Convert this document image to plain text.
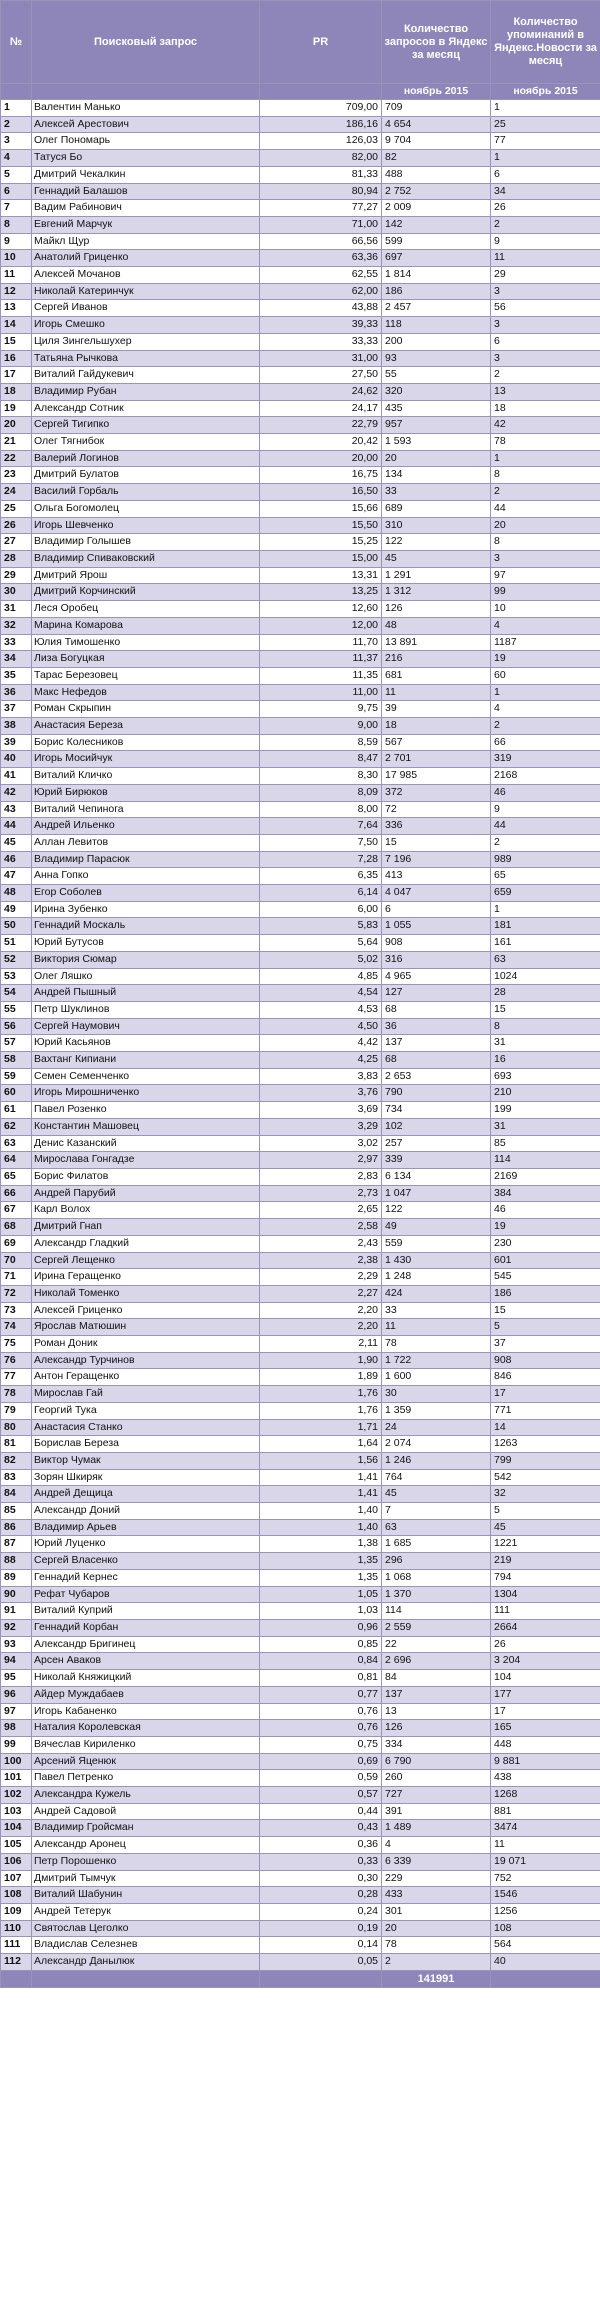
№	Поисковый запрос	PR	Количество запросов в Яндекс за месяц	Количество упоминаний в Яндекс.Новости за месяц
			ноябрь 2015	ноябрь 2015
1	Валентин Манько	709,00	709	1
2	Алексей Арестович	186,16	4 654	25
3	Олег Пономарь	126,03	9 704	77
4	Татуся Бо	82,00	82	1
5	Дмитрий Чекалкин	81,33	488	6
6	Геннадий Балашов	80,94	2 752	34
7	Вадим Рабинович	77,27	2 009	26
8	Евгений Марчук	71,00	142	2
9	Майкл Щур	66,56	599	9
10	Анатолий Гриценко	63,36	697	11
11	Алексей Мочанов	62,55	1 814	29
12	Николай Катеринчук	62,00	186	3
13	Сергей Иванов	43,88	2 457	56
14	Игорь Смешко	39,33	118	3
15	Циля Зингельшухер	33,33	200	6
16	Татьяна Рычкова	31,00	93	3
17	Виталий Гайдукевич	27,50	55	2
18	Владимир Рубан	24,62	320	13
19	Александр Сотник	24,17	435	18
20	Сергей Тигипко	22,79	957	42
21	Олег Тягнибок	20,42	1 593	78
22	Валерий Логинов	20,00	20	1
23	Дмитрий Булатов	16,75	134	8
24	Василий Горбаль	16,50	33	2
25	Ольга Богомолец	15,66	689	44
26	Игорь Шевченко	15,50	310	20
27	Владимир Голышев	15,25	122	8
28	Владимир Спиваковский	15,00	45	3
29	Дмитрий Ярош	13,31	1 291	97
30	Дмитрий Корчинский	13,25	1 312	99
31	Леся Оробец	12,60	126	10
32	Марина Комарова	12,00	48	4
33	Юлия Тимошенко	11,70	13 891	1187
34	Лиза Богуцкая	11,37	216	19
35	Тарас Березовец	11,35	681	60
36	Макс Нефедов	11,00	11	1
37	Роман Скрыпин	9,75	39	4
38	Анастасия Береза	9,00	18	2
39	Борис Колесников	8,59	567	66
40	Игорь Мосийчук	8,47	2 701	319
41	Виталий Кличко	8,30	17 985	2168
42	Юрий Бирюков	8,09	372	46
43	Виталий Чепинога	8,00	72	9
44	Андрей Ильенко	7,64	336	44
45	Аллан Левитов	7,50	15	2
46	Владимир Парасюк	7,28	7 196	989
47	Анна Гопко	6,35	413	65
48	Егор Соболев	6,14	4 047	659
49	Ирина Зубенко	6,00	6	1
50	Геннадий Москаль	5,83	1 055	181
51	Юрий Бутусов	5,64	908	161
52	Виктория Сюмар	5,02	316	63
53	Олег Ляшко	4,85	4 965	1024
54	Андрей Пышный	4,54	127	28
55	Петр Шуклинов	4,53	68	15
56	Сергей Наумович	4,50	36	8
57	Юрий Касьянов	4,42	137	31
58	Вахтанг Кипиани	4,25	68	16
59	Семен Семенченко	3,83	2 653	693
60	Игорь Мирошниченко	3,76	790	210
61	Павел Розенко	3,69	734	199
62	Константин Машовец	3,29	102	31
63	Денис Казанский	3,02	257	85
64	Мирослава Гонгадзе	2,97	339	114
65	Борис Филатов	2,83	6 134	2169
66	Андрей Парубий	2,73	1 047	384
67	Карл Волох	2,65	122	46
68	Дмитрий Гнап	2,58	49	19
69	Александр Гладкий	2,43	559	230
70	Сергей Лещенко	2,38	1 430	601
71	Ирина Геращенко	2,29	1 248	545
72	Николай Томенко	2,27	424	186
73	Алексей Гриценко	2,20	33	15
74	Ярослав Матюшин	2,20	11	5
75	Роман Доник	2,11	78	37
76	Александр Турчинов	1,90	1 722	908
77	Антон Геращенко	1,89	1 600	846
78	Мирослав Гай	1,76	30	17
79	Георгий Тука	1,76	1 359	771
80	Анастасия Станко	1,71	24	14
81	Борислав Береза	1,64	2 074	1263
82	Виктор Чумак	1,56	1 246	799
83	Зорян Шкиряк	1,41	764	542
84	Андрей Дещица	1,41	45	32
85	Александр Доний	1,40	7	5
86	Владимир Арьев	1,40	63	45
87	Юрий Луценко	1,38	1 685	1221
88	Сергей Власенко	1,35	296	219
89	Геннадий Кернес	1,35	1 068	794
90	Рефат Чубаров	1,05	1 370	1304
91	Виталий Куприй	1,03	114	111
92	Геннадий Корбан	0,96	2 559	2664
93	Александр Бригинец	0,85	22	26
94	Арсен Аваков	0,84	2 696	3 204
95	Николай Княжицкий	0,81	84	104
96	Айдер Муждабаев	0,77	137	177
97	Игорь Кабаненко	0,76	13	17
98	Наталия Королевская	0,76	126	165
99	Вячеслав Кириленко	0,75	334	448
100	Арсений Яценюк	0,69	6 790	9 881
101	Павел Петренко	0,59	260	438
102	Александра Кужель	0,57	727	1268
103	Андрей Садовой	0,44	391	881
104	Владимир Гройсман	0,43	1 489	3474
105	Александр Аронец	0,36	4	11
106	Петр Порошенко	0,33	6 339	19 071
107	Дмитрий Тымчук	0,30	229	752
108	Виталий Шабунин	0,28	433	1546
109	Андрей Тетерук	0,24	301	1256
110	Святослав Цеголко	0,19	20	108
111	Владислав Селезнев	0,14	78	564
112	Александр Данылюк	0,05	2	40
			141991	
